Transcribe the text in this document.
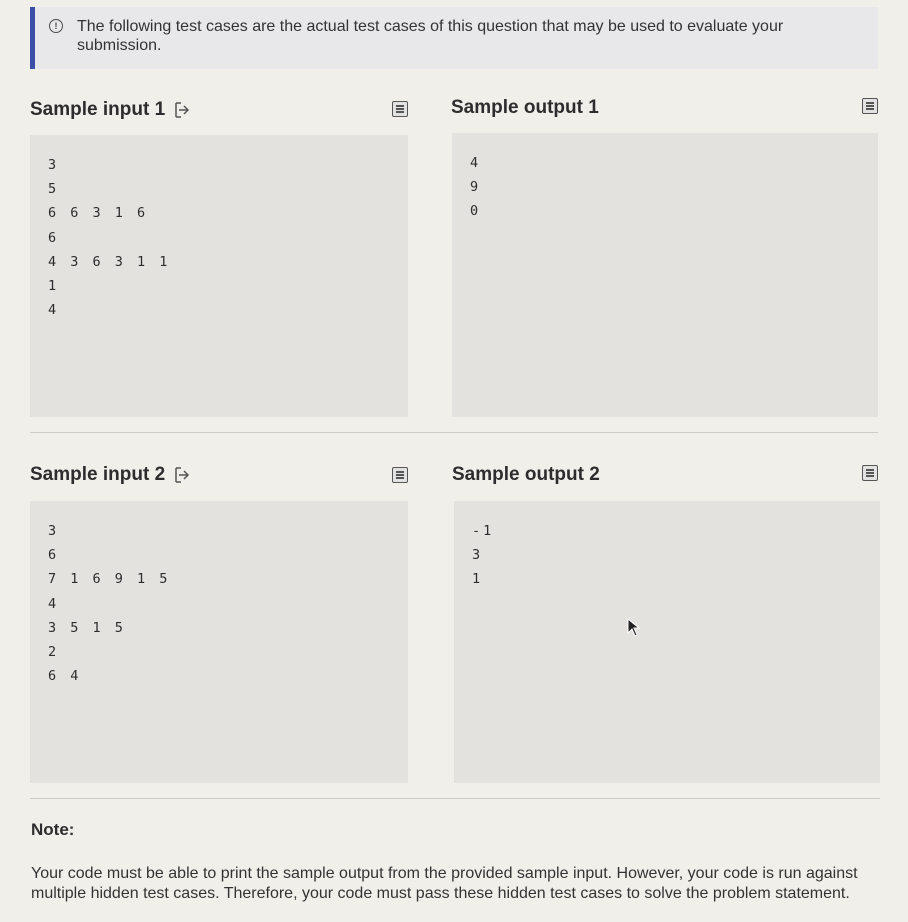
!	The following test cases are the actual test cases of this question that may be used to evaluate your submission.
Sample input 1	Sample output 1
3
5
6 6 3 1 6
6
4 3 6 3 1 1
1
4
4
9
0
Sample input 2	Sample output 2
3
6
7 1 6 9 1 5
4
3 5 1 5
2
6 4
-1
3
1
Note:
Your code must be able to print the sample output from the provided sample input. However, your code is run against multiple hidden test cases. Therefore, your code must pass these hidden test cases to solve the problem statement.
